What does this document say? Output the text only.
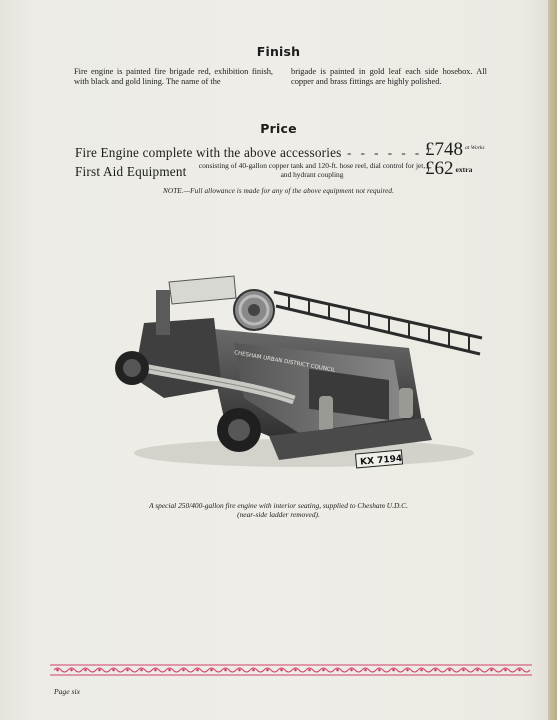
Finish
Fire engine is painted fire brigade red, exhibition finish, with black and gold lining. The name of the
brigade is painted in gold leaf each side hosebox. All copper and brass fittings are highly polished.
Price
Fire Engine complete with the above accessories - - - - - - £748 $^{at Works}$
First Aid Equipment consisting of 40-gallon copper tank and 120-ft. hose reel, dial control for jet, and hydrant coupling	£62 extra
NOTE.—Full allowance is made for any of the above equipment not required.
CHESHAM URBAN DISTRICT COUNCIL
KX 7194
A special 250/400-gallon fire engine with interior seating, supplied to Chesham U.D.C.
(near-side ladder removed).
Page six
